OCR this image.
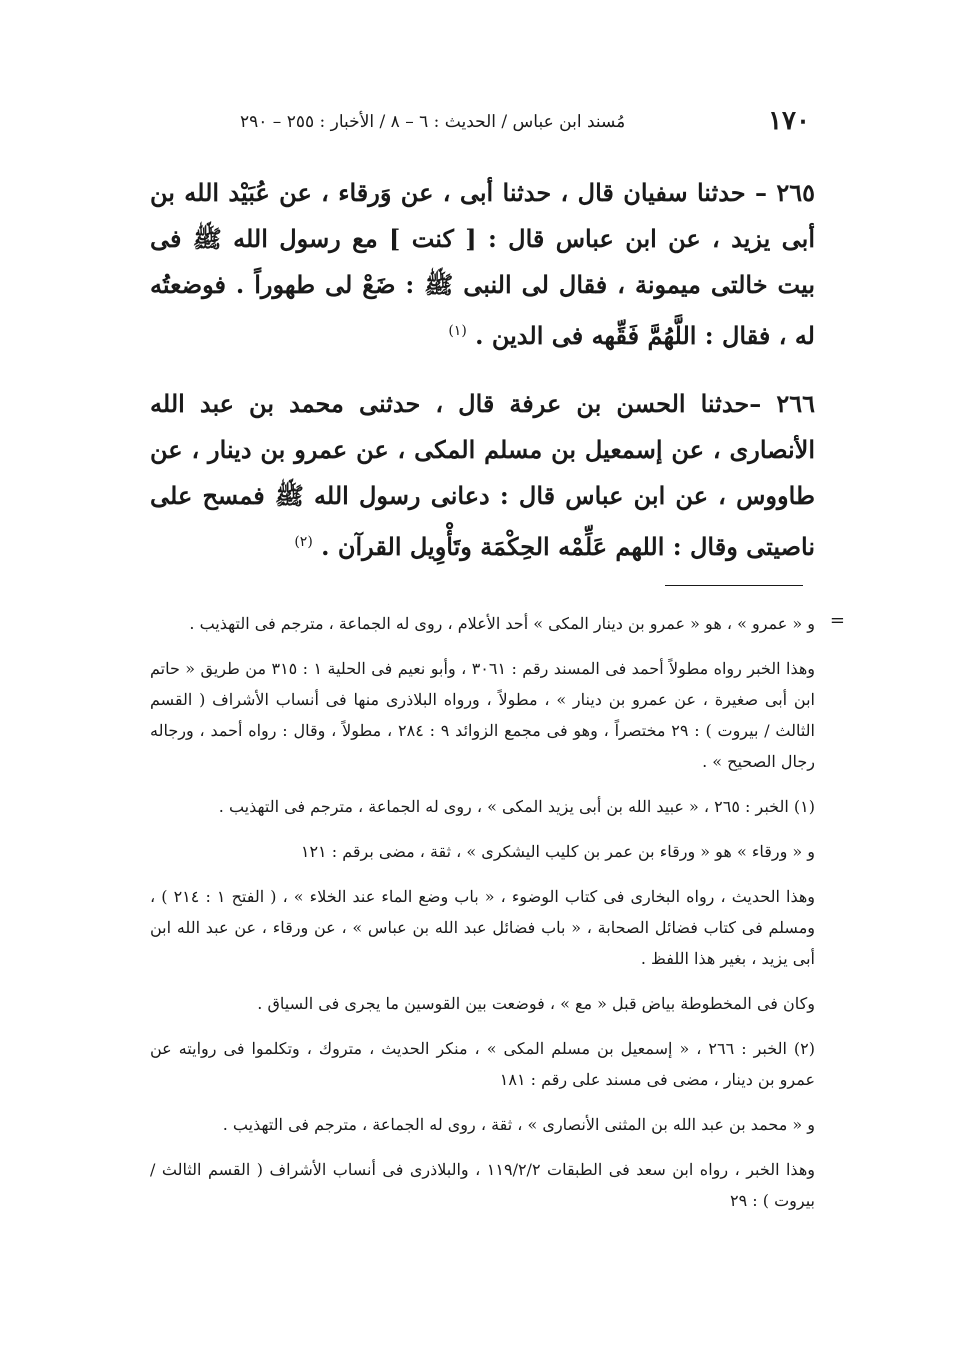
١٧٠
مُسند ابن عباس / الحديث : ٦ – ٨ / الأخبار : ٢٥٥ – ٢٩٠

٢٦٥ – حدثنا سفيان قال ، حدثنا أبى ، عن وَرقاء ، عن عُبَيْد الله بن أبى يزيد ، عن ابن عباس قال : [ كنت ] مع رسول الله ﷺ فى بيت خالتى ميمونة ، فقال لى النبى ﷺ : ضَعْ لى طهوراً . فوضعتُه له ، فقال : اللَّهُمَّ فَقِّهه فى الدين . $^{(١)}$

٢٦٦ –حدثنا الحسن بن عرفة قال ، حدثنى محمد بن عبد الله الأنصارى ، عن إسمعيل بن مسلم المكى ، عن عمرو بن دينار ، عن طاووس ، عن ابن عباس قال : دعانى رسول الله ﷺ فمسح على ناصيتى وقال : اللهم عَلِّمْه الحِكْمَة وتَأْوِيل القرآن . $^{(٢)}$

=

و « عمرو » ، هو « عمرو بن دينار المكى » أحد الأعلام ، روى له الجماعة ، مترجم فى التهذيب .

وهذا الخبر رواه مطولاً أحمد فى المسند رقم : ٣٠٦١ ، وأبو نعيم فى الحلية ١ : ٣١٥ من طريق « حاتم ابن أبى صغيرة ، عن عمرو بن دينار » ، مطولاً ، ورواه البلاذرى منها فى أنساب الأشراف ( القسم الثالث / بيروت ) : ٢٩ مختصراً ، وهو فى مجمع الزوائد ٩ : ٢٨٤ ، مطولاً ، وقال : رواه أحمد ، ورجاله رجال الصحيح » .

(١) الخبر : ٢٦٥ ، « عبيد الله بن أبى يزيد المكى » ، روى له الجماعة ، مترجم فى التهذيب .

و « ورقاء » هو « ورقاء بن عمر بن كليب اليشكرى » ، ثقة ، مضى برقم : ١٢١

وهذا الحديث ، رواه البخارى فى كتاب الوضوء ، « باب وضع الماء عند الخلاء » ، ( الفتح ١ : ٢١٤ ) ، ومسلم فى كتاب فضائل الصحابة ، « باب فضائل عبد الله بن عباس » ، عن ورقاء ، عن عبد الله ابن أبى يزيد ، بغير هذا اللفظ .

وكان فى المخطوطة بياض قبل « مع » ، فوضعت بين القوسين ما يجرى فى السياق .

(٢) الخبر : ٢٦٦ ، « إسمعيل بن مسلم المكى » ، منكر الحديث ، متروك ، وتكلموا فى روايته عن عمرو بن دينار ، مضى فى مسند على رقم : ١٨١

و « محمد بن عبد الله بن المثنى الأنصارى » ، ثقة ، روى له الجماعة ، مترجم فى التهذيب .

وهذا الخبر ، رواه ابن سعد فى الطبقات ١١٩/٢/٢ ، والبلاذرى فى أنساب الأشراف ( القسم الثالث / بيروت ) : ٢٩
